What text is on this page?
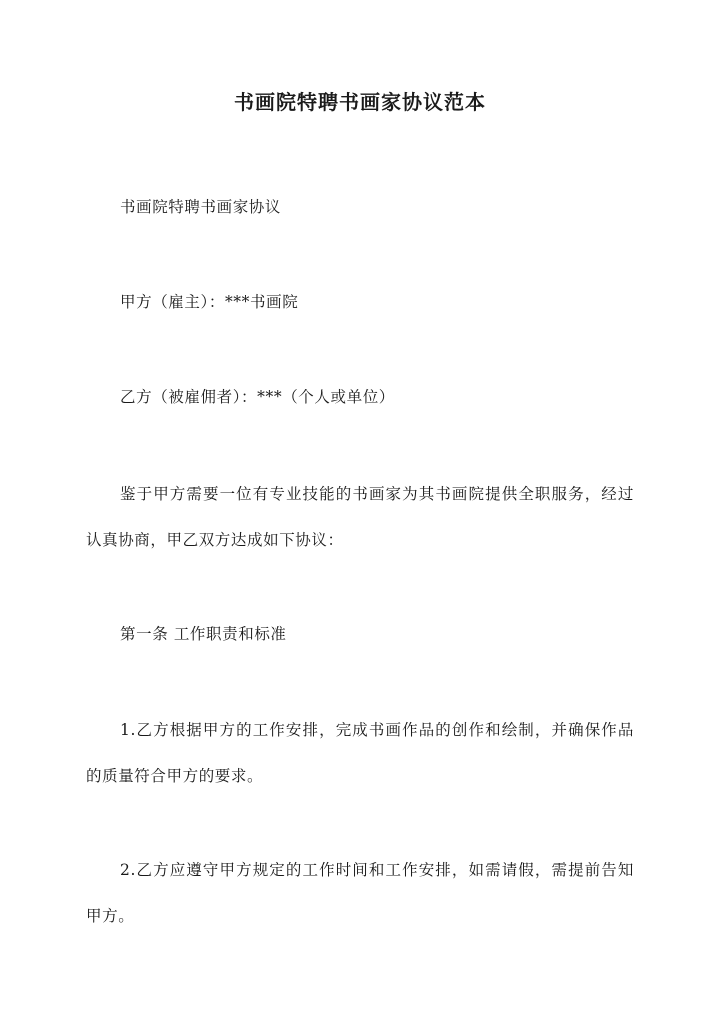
书画院特聘书画家协议范本

书画院特聘书画家协议

甲方（雇主）：***书画院

乙方（被雇佣者）：***（个人或单位）

鉴于甲方需要一位有专业技能的书画家为其书画院提供全职服务，经过认真协商，甲乙双方达成如下协议：

第一条 工作职责和标准

1.乙方根据甲方的工作安排，完成书画作品的创作和绘制，并确保作品的质量符合甲方的要求。

2.乙方应遵守甲方规定的工作时间和工作安排，如需请假，需提前告知甲方。
